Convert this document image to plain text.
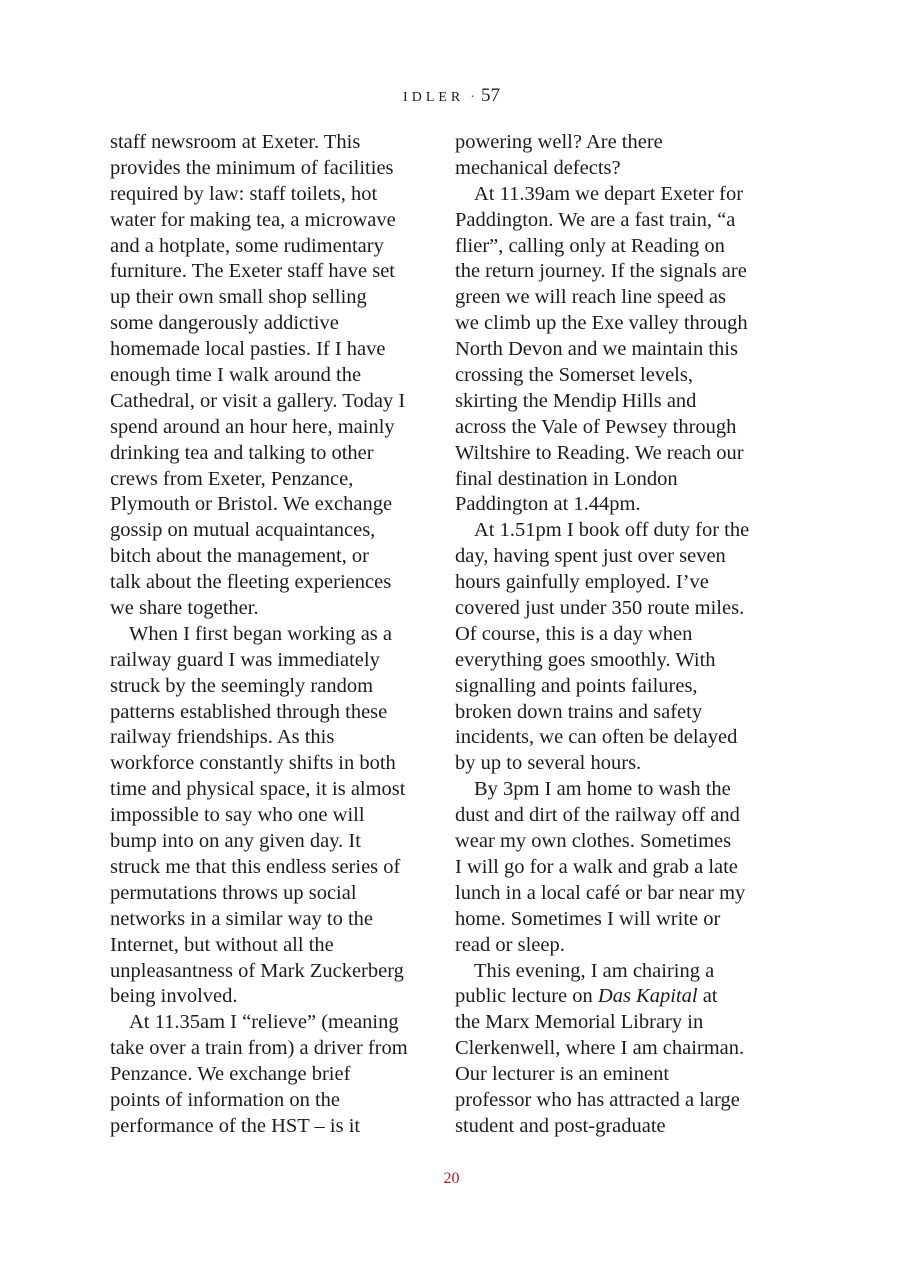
IDLER · 57
staff newsroom at Exeter. This
provides the minimum of facilities
required by law: staff toilets, hot
water for making tea, a microwave
and a hotplate, some rudimentary
furniture. The Exeter staff have set
up their own small shop selling
some dangerously addictive
homemade local pasties. If I have
enough time I walk around the
Cathedral, or visit a gallery. Today I
spend around an hour here, mainly
drinking tea and talking to other
crews from Exeter, Penzance,
Plymouth or Bristol. We exchange
gossip on mutual acquaintances,
bitch about the management, or
talk about the fleeting experiences
we share together.
When I first began working as a
railway guard I was immediately
struck by the seemingly random
patterns established through these
railway friendships. As this
workforce constantly shifts in both
time and physical space, it is almost
impossible to say who one will
bump into on any given day. It
struck me that this endless series of
permutations throws up social
networks in a similar way to the
Internet, but without all the
unpleasantness of Mark Zuckerberg
being involved.
At 11.35am I “relieve” (meaning
take over a train from) a driver from
Penzance. We exchange brief
points of information on the
performance of the HST – is it
powering well? Are there
mechanical defects?
At 11.39am we depart Exeter for
Paddington. We are a fast train, “a
flier”, calling only at Reading on
the return journey. If the signals are
green we will reach line speed as
we climb up the Exe valley through
North Devon and we maintain this
crossing the Somerset levels,
skirting the Mendip Hills and
across the Vale of Pewsey through
Wiltshire to Reading. We reach our
final destination in London
Paddington at 1.44pm.
At 1.51pm I book off duty for the
day, having spent just over seven
hours gainfully employed. I’ve
covered just under 350 route miles.
Of course, this is a day when
everything goes smoothly. With
signalling and points failures,
broken down trains and safety
incidents, we can often be delayed
by up to several hours.
By 3pm I am home to wash the
dust and dirt of the railway off and
wear my own clothes. Sometimes
I will go for a walk and grab a late
lunch in a local café or bar near my
home. Sometimes I will write or
read or sleep.
This evening, I am chairing a
public lecture on Das Kapital at
the Marx Memorial Library in
Clerkenwell, where I am chairman.
Our lecturer is an eminent
professor who has attracted a large
student and post-graduate
20
